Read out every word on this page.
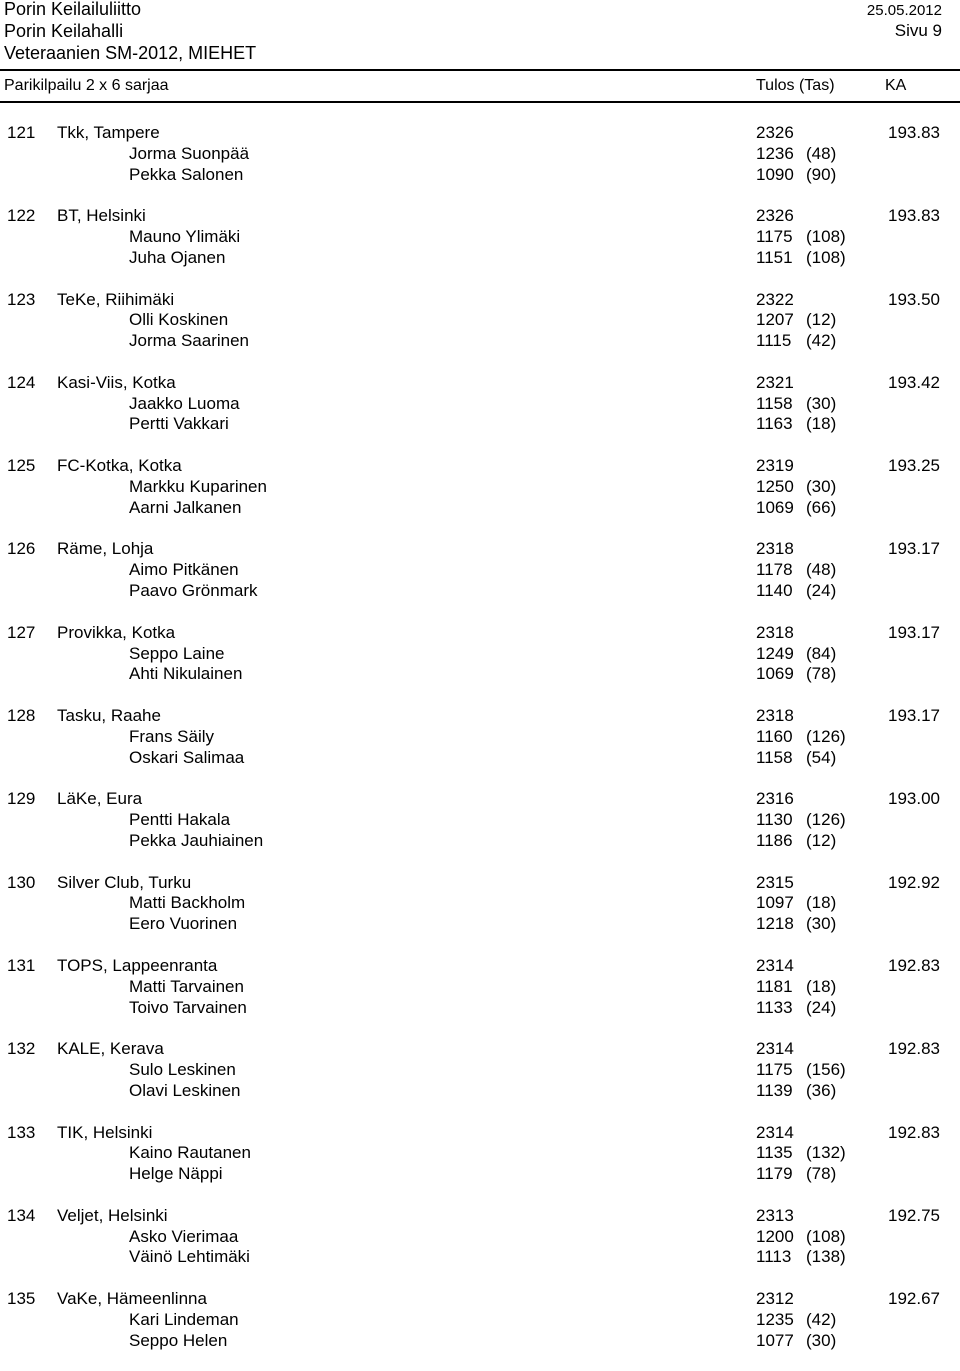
Porin Keilailuliitto	25.05.2012
Porin Keilahalli	Sivu 9
Veteraanien SM-2012, MIEHET
Parikilpailu 2 x 6 sarjaa	Tulos (Tas)	KA
121 Tkk, Tampere	2326	193.83
Jorma Suonpää	1236 (48)
Pekka Salonen	1090 (90)
122 BT, Helsinki	2326	193.83
Mauno Ylimäki	1175 (108)
Juha Ojanen	1151 (108)
123 TeKe, Riihimäki	2322	193.50
Olli Koskinen	1207 (12)
Jorma Saarinen	1115 (42)
124 Kasi-Viis, Kotka	2321	193.42
Jaakko Luoma	1158 (30)
Pertti Vakkari	1163 (18)
125 FC-Kotka, Kotka	2319	193.25
Markku Kuparinen	1250 (30)
Aarni Jalkanen	1069 (66)
126 Räme, Lohja	2318	193.17
Aimo Pitkänen	1178 (48)
Paavo Grönmark	1140 (24)
127 Provikka, Kotka	2318	193.17
Seppo Laine	1249 (84)
Ahti Nikulainen	1069 (78)
128 Tasku, Raahe	2318	193.17
Frans Säily	1160 (126)
Oskari Salimaa	1158 (54)
129 LäKe, Eura	2316	193.00
Pentti Hakala	1130 (126)
Pekka Jauhiainen	1186 (12)
130 Silver Club, Turku	2315	192.92
Matti Backholm	1097 (18)
Eero Vuorinen	1218 (30)
131 TOPS, Lappeenranta	2314	192.83
Matti Tarvainen	1181 (18)
Toivo Tarvainen	1133 (24)
132 KALE, Kerava	2314	192.83
Sulo Leskinen	1175 (156)
Olavi Leskinen	1139 (36)
133 TIK, Helsinki	2314	192.83
Kaino Rautanen	1135 (132)
Helge Näppi	1179 (78)
134 Veljet, Helsinki	2313	192.75
Asko Vierimaa	1200 (108)
Väinö Lehtimäki	1113 (138)
135 VaKe, Hämeenlinna	2312	192.67
Kari Lindeman	1235 (42)
Seppo Helen	1077 (30)
